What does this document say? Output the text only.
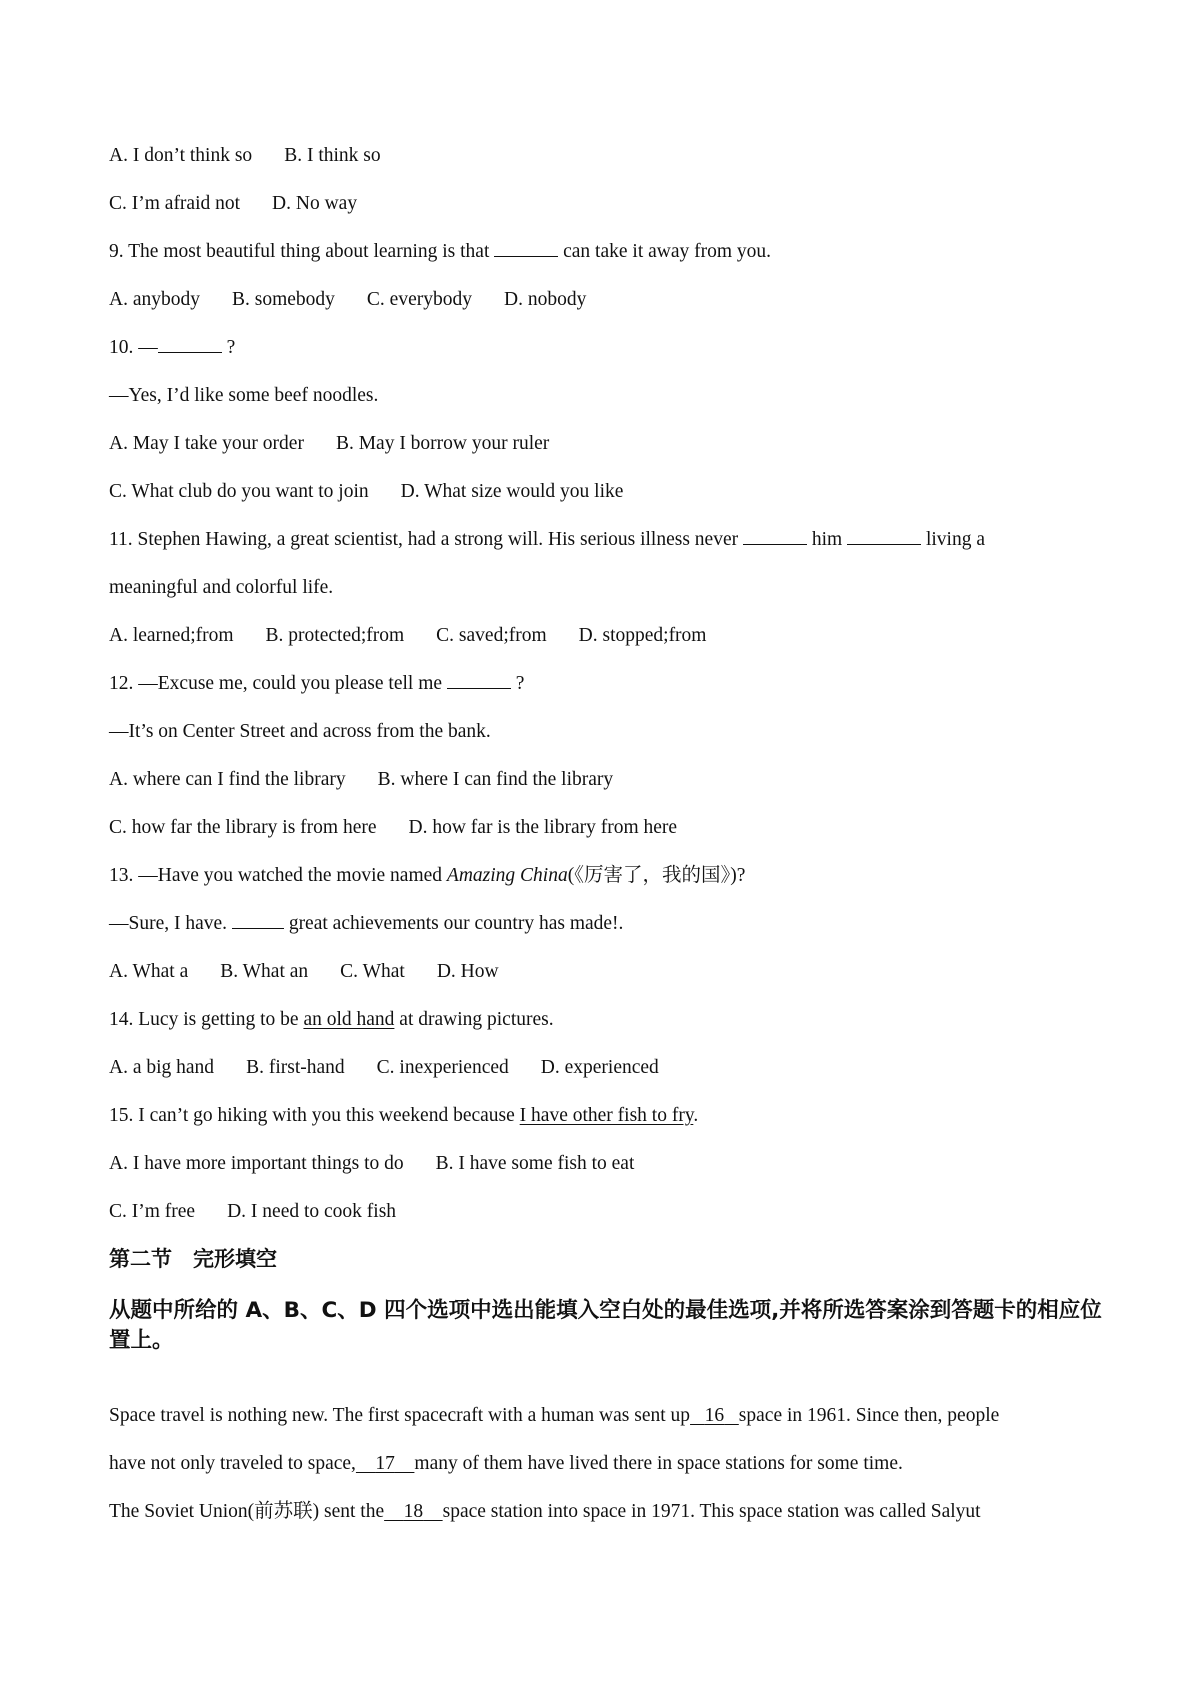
A. I don’t think so B. I think so
C. I’m afraid not D. No way
9. The most beautiful thing about learning is that	can take it away from you.
A. anybody B. somebody C. everybody D. nobody
10. —	?
—Yes, I’d like some beef noodles.
A. May I take your order B. May I borrow your ruler
C. What club do you want to join D. What size would you like
11. Stephen Hawing, a great scientist, had a strong will. His serious illness never	him	living a
meaningful and colorful life.
A. learned;from B. protected;from C. saved;from D. stopped;from
12. —Excuse me, could you please tell me	?
—It’s on Center Street and across from the bank.
A. where can I find the library B. where I can find the library
C. how far the library is from here D. how far is the library from here
13. —Have you watched the movie named Amazing China(《厉害了，我的国》)?
—Sure, I have.	great achievements our country has made!.
A. What a B. What an C. What D. How
14. Lucy is getting to be an old hand at drawing pictures.
A. a big hand B. first-hand C. inexperienced D. experienced
15. I can’t go hiking with you this weekend because I have other fish to fry.
A. I have more important things to do B. I have some fish to eat
C. I’m free D. I need to cook fish
第二节　完形填空
从题中所给的 A、B、C、D 四个选项中选出能填入空白处的最佳选项,并将所选答案涂到答题卡的相应位置上。
Space travel is nothing new. The first spacecraft with a human was sent up 16 space in 1961. Since then, people
have not only traveled to space, 17 many of them have lived there in space stations for some time.
The Soviet Union(前苏联) sent the 18 space station into space in 1971. This space station was called Salyut
